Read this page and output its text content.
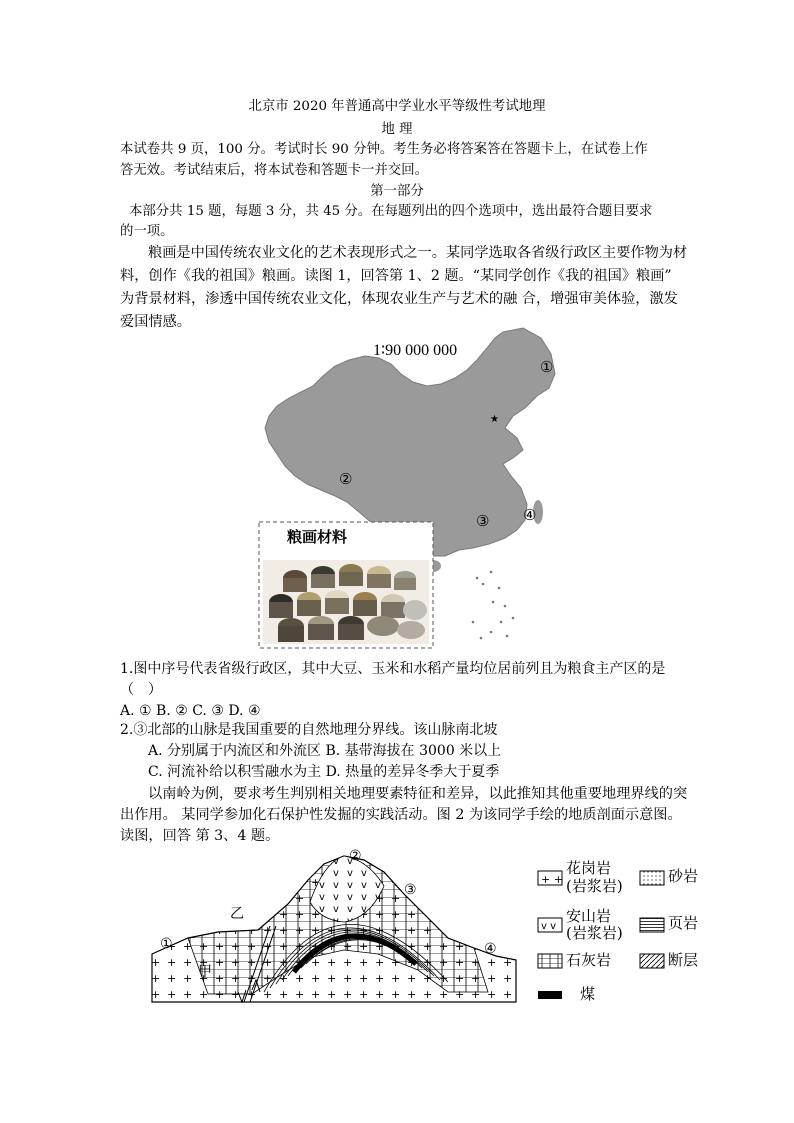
北京市 2020 年普通高中学业水平等级性考试地理
地 理
本试卷共 9 页，100 分。考试时长 90 分钟。考生务必将答案答在答题卡上，在试卷上作
答无效。考试结束后，将本试卷和答题卡一并交回。
第一部分
本部分共 15 题，每题 3 分，共 45 分。在每题列出的四个选项中，选出最符合题目要求
的一项。
粮画是中国传统农业文化的艺术表现形式之一。某同学选取各省级行政区主要作物为材
料，创作《我的祖国》粮画。读图 1，回答第 1、2 题。“某同学创作《我的祖国》粮画”
为背景材料，渗透中国传统农业文化，体现农业生产与艺术的融 合，增强审美体验，激发
爱国情感。
★
1∶90 000 000
①
②
③ ④
粮画材料
1.图中序号代表省级行政区，其中大豆、玉米和水稻产量均位居前列且为粮食主产区的是
（　）
A. ① B. ② C. ③ D. ④
2.③北部的山脉是我国重要的自然地理分界线。该山脉南北坡
A. 分别属于内流区和外流区 B. 基带海拔在 3000 米以上
C. 河流补给以积雪融水为主 D. 热量的差异冬季大于夏季
以南岭为例，要求考生判别相关地理要素特征和差异，以此推知其他重要地理界线的突
出作用。 某同学参加化石保护性发掘的实践活动。图 2 为该同学手绘的地质剖面示意图。
读图，回答 第 3、4 题。
①
②
③
④
甲
乙
+ +
v v
花岗岩
(岩浆岩)
砂岩
安山岩
(岩浆岩)
页岩
石灰岩	断层
煤
